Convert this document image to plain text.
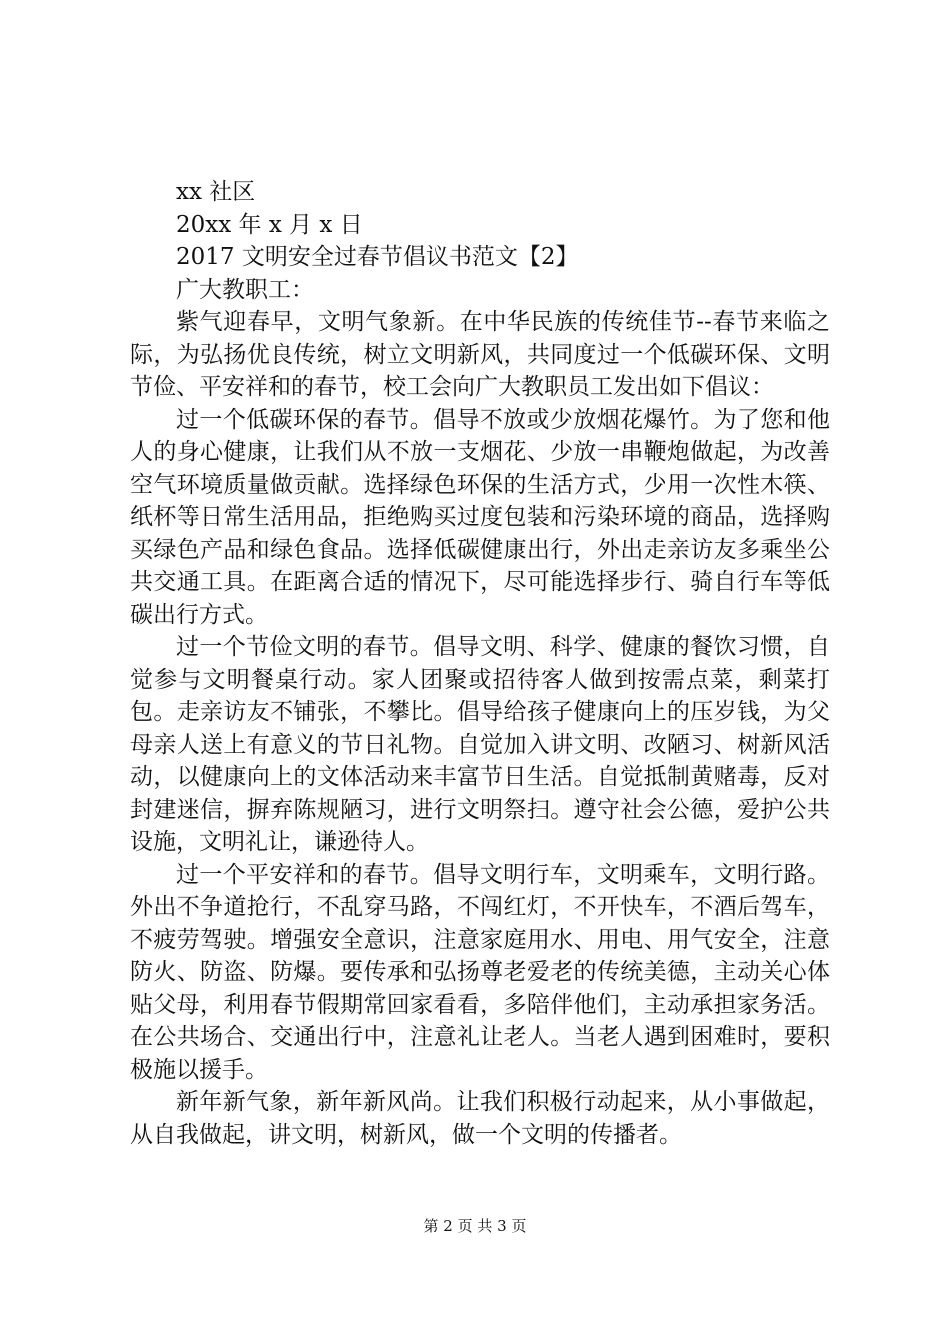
xx 社区

20xx 年 x 月 x 日

2017 文明安全过春节倡议书范文【2】

广大教职工：

紫气迎春早，文明气象新。在中华民族的传统佳节--春节来临之际，为弘扬优良传统，树立文明新风，共同度过一个低碳环保、文明节俭、平安祥和的春节，校工会向广大教职员工发出如下倡议：

过一个低碳环保的春节。倡导不放或少放烟花爆竹。为了您和他人的身心健康，让我们从不放一支烟花、少放一串鞭炮做起，为改善空气环境质量做贡献。选择绿色环保的生活方式，少用一次性木筷、纸杯等日常生活用品，拒绝购买过度包装和污染环境的商品，选择购买绿色产品和绿色食品。选择低碳健康出行，外出走亲访友多乘坐公共交通工具。在距离合适的情况下，尽可能选择步行、骑自行车等低碳出行方式。

过一个节俭文明的春节。倡导文明、科学、健康的餐饮习惯，自觉参与文明餐桌行动。家人团聚或招待客人做到按需点菜，剩菜打包。走亲访友不铺张，不攀比。倡导给孩子健康向上的压岁钱，为父母亲人送上有意义的节日礼物。自觉加入讲文明、改陋习、树新风活动，以健康向上的文体活动来丰富节日生活。自觉抵制黄赌毒，反对封建迷信，摒弃陈规陋习，进行文明祭扫。遵守社会公德，爱护公共设施，文明礼让，谦逊待人。

过一个平安祥和的春节。倡导文明行车，文明乘车，文明行路。外出不争道抢行，不乱穿马路，不闯红灯，不开快车，不酒后驾车，不疲劳驾驶。增强安全意识，注意家庭用水、用电、用气安全，注意防火、防盗、防爆。要传承和弘扬尊老爱老的传统美德，主动关心体贴父母，利用春节假期常回家看看，多陪伴他们，主动承担家务活。在公共场合、交通出行中，注意礼让老人。当老人遇到困难时，要积极施以援手。

新年新气象，新年新风尚。让我们积极行动起来，从小事做起，从自我做起，讲文明，树新风，做一个文明的传播者。

第 2 页 共 3 页
